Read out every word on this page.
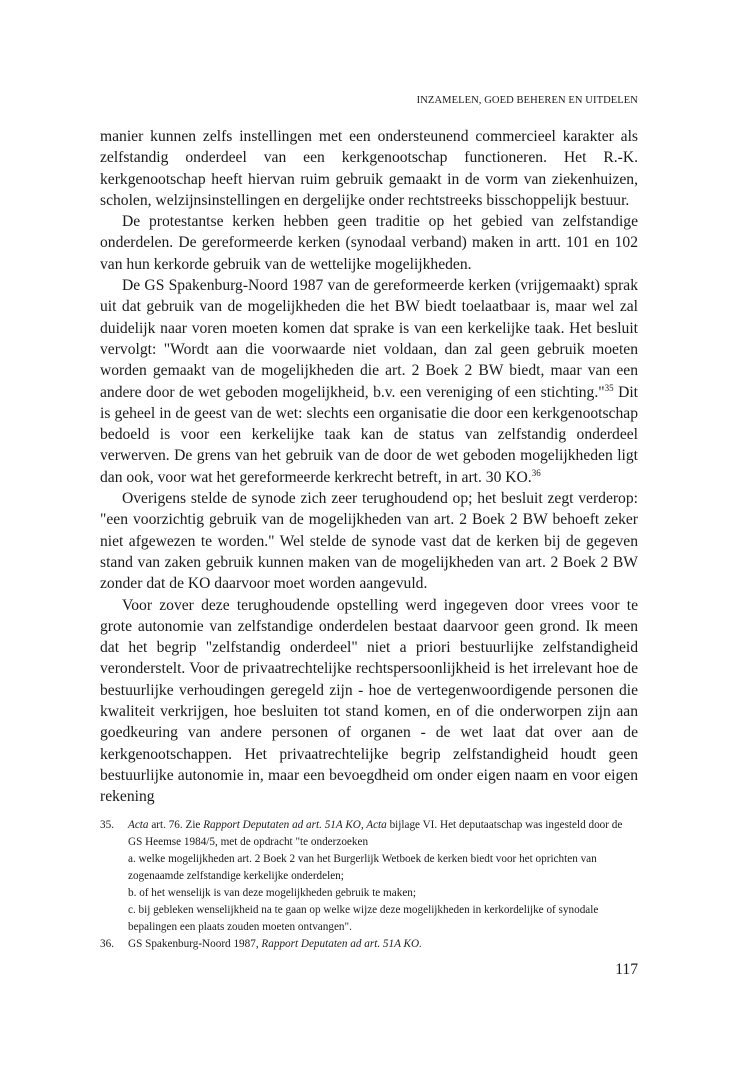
INZAMELEN, GOED BEHEREN EN UITDELEN

manier kunnen zelfs instellingen met een ondersteunend commercieel karakter als zelfstandig onderdeel van een kerkgenootschap functioneren. Het R.-K. kerkgenootschap heeft hiervan ruim gebruik gemaakt in de vorm van ziekenhuizen, scholen, welzijnsinstellingen en dergelijke onder rechtstreeks bisschoppelijk bestuur.

De protestantse kerken hebben geen traditie op het gebied van zelfstandige onderdelen. De gereformeerde kerken (synodaal verband) maken in artt. 101 en 102 van hun kerkorde gebruik van de wettelijke mogelijkheden.

De GS Spakenburg-Noord 1987 van de gereformeerde kerken (vrijgemaakt) sprak uit dat gebruik van de mogelijkheden die het BW biedt toelaatbaar is, maar wel zal duidelijk naar voren moeten komen dat sprake is van een kerkelijke taak. Het besluit vervolgt: "Wordt aan die voorwaarde niet voldaan, dan zal geen gebruik moeten worden gemaakt van de mogelijkheden die art. 2 Boek 2 BW biedt, maar van een andere door de wet geboden mogelijkheid, b.v. een vereniging of een stichting."$^{35}$ Dit is geheel in de geest van de wet: slechts een organisatie die door een kerkgenootschap bedoeld is voor een kerkelijke taak kan de status van zelfstandig onderdeel verwerven. De grens van het gebruik van de door de wet geboden mogelijkheden ligt dan ook, voor wat het gereformeerde kerkrecht betreft, in art. 30 KO.$^{36}$

Overigens stelde de synode zich zeer terughoudend op; het besluit zegt verderop: "een voorzichtig gebruik van de mogelijkheden van art. 2 Boek 2 BW behoeft zeker niet afgewezen te worden." Wel stelde de synode vast dat de kerken bij de gegeven stand van zaken gebruik kunnen maken van de mogelijkheden van art. 2 Boek 2 BW zonder dat de KO daarvoor moet worden aangevuld.

Voor zover deze terughoudende opstelling werd ingegeven door vrees voor te grote autonomie van zelfstandige onderdelen bestaat daarvoor geen grond. Ik meen dat het begrip "zelfstandig onderdeel" niet a priori bestuurlijke zelfstandigheid veronderstelt. Voor de privaatrechtelijke rechtspersoonlijkheid is het irrelevant hoe de bestuurlijke verhoudingen geregeld zijn - hoe de vertegenwoordigende personen die kwaliteit verkrijgen, hoe besluiten tot stand komen, en of die onderworpen zijn aan goedkeuring van andere personen of organen - de wet laat dat over aan de kerkgenootschappen. Het privaatrechtelijke begrip zelfstandigheid houdt geen bestuurlijke autonomie in, maar een bevoegdheid om onder eigen naam en voor eigen rekening

35.	Acta art. 76. Zie Rapport Deputaten ad art. 51A KO, Acta bijlage VI. Het deputaatschap was ingesteld door de GS Heemse 1984/5, met de opdracht "te onderzoeken
a. welke mogelijkheden art. 2 Boek 2 van het Burgerlijk Wetboek de kerken biedt voor het oprichten van zogenaamde zelfstandige kerkelijke onderdelen;
b. of het wenselijk is van deze mogelijkheden gebruik te maken;
c. bij gebleken wenselijkheid na te gaan op welke wijze deze mogelijkheden in kerkordelijke of synodale bepalingen een plaats zouden moeten ontvangen".
36.	GS Spakenburg-Noord 1987, Rapport Deputaten ad art. 51A KO.
117
